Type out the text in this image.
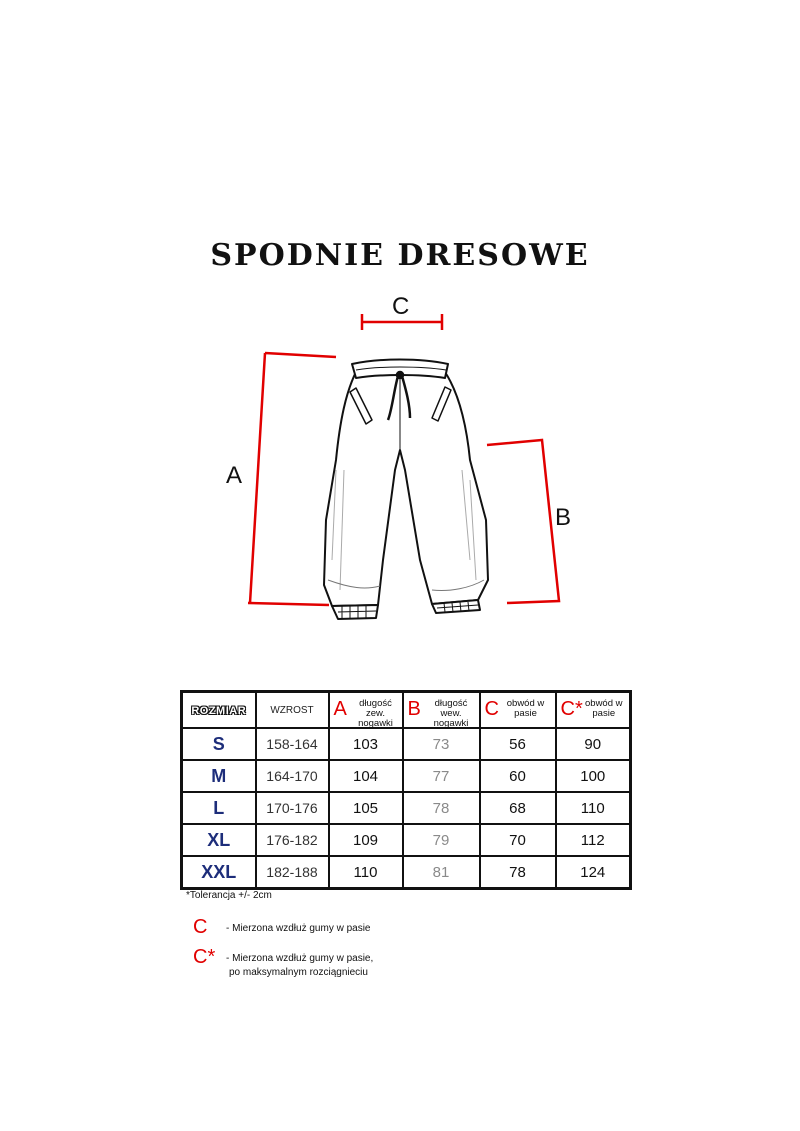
SPODNIE DRESOWE
C
A
B
ROZMIAR	WZROST	A długość zew. nogawki	B długość wew. nogawki	C obwód w pasie	C* obwód w pasie

S	158-164	103	73	56	90
M	164-170	104	77	60	100
L	170-176	105	78	68	110
XL	176-182	109	79	70	112
XXL	182-188	110	81	78	124
*Tolerancja +/- 2cm
C - Mierzona wzdłuż gumy w pasie
C* - Mierzona wzdłuż gumy w pasie,
po maksymalnym rozciągnieciu
